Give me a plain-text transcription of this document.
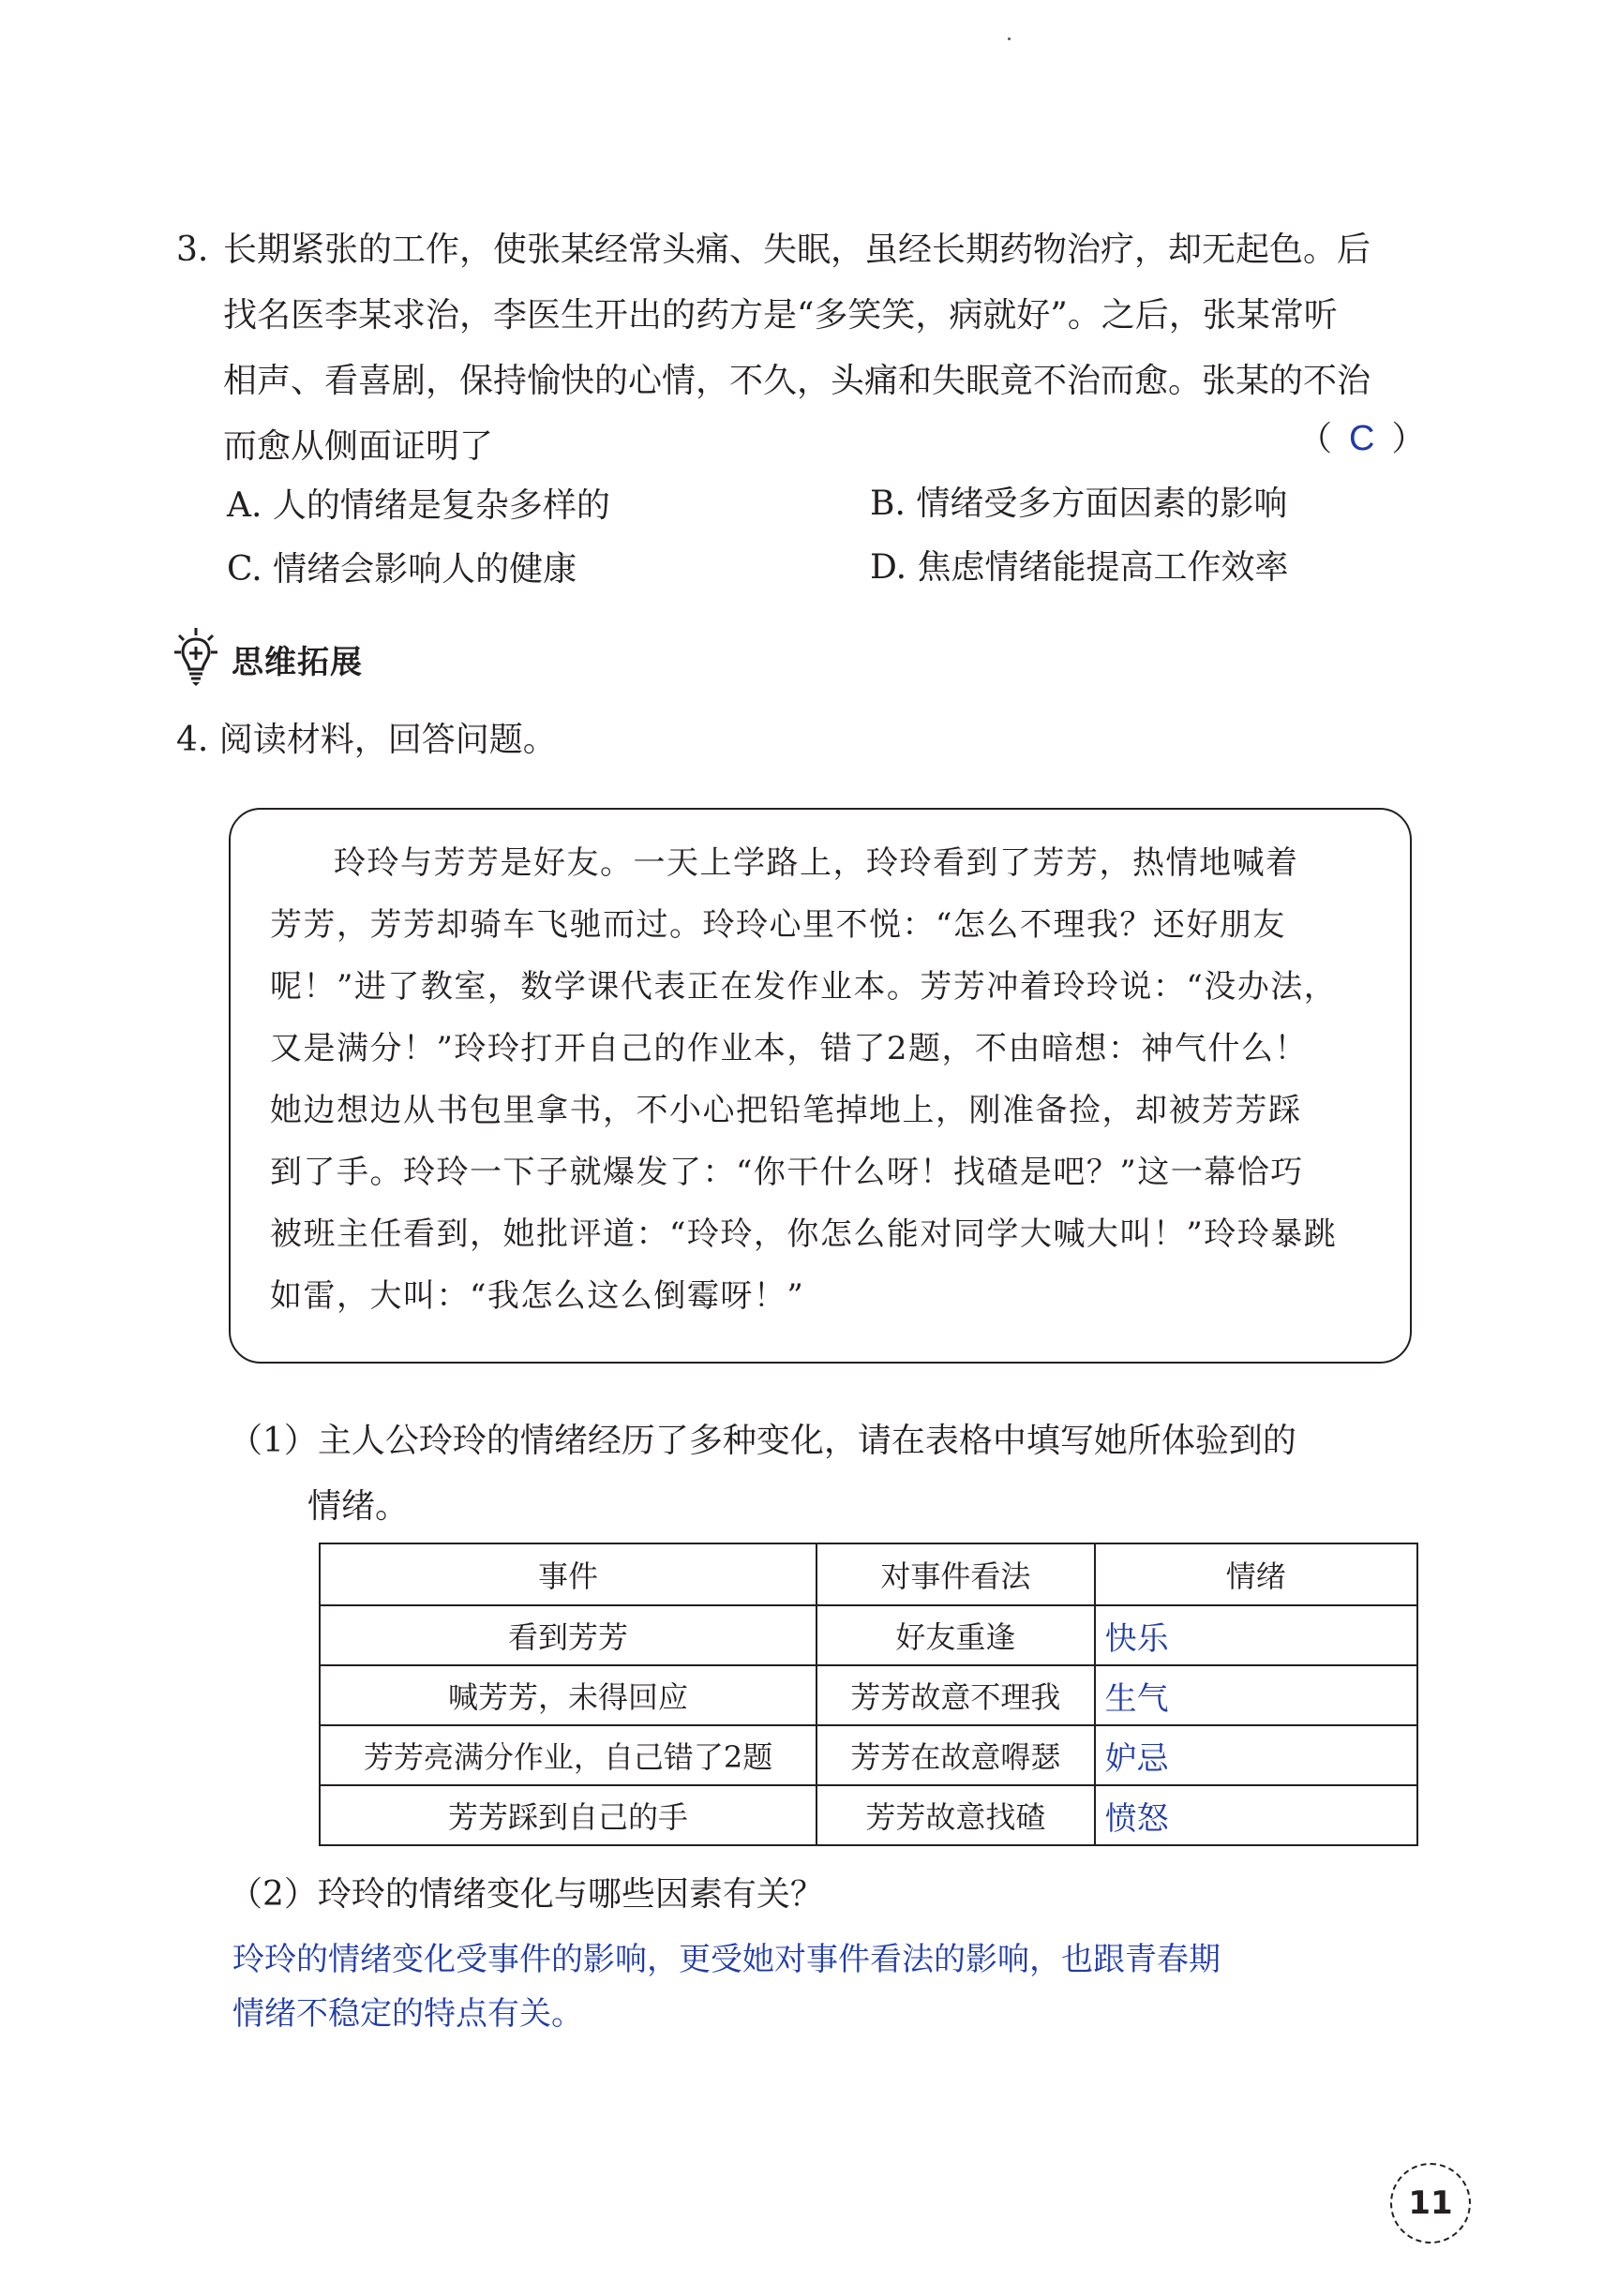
3. 长期紧张的工作，使张某经常头痛、失眠，虽经长期药物治疗，却无起色。后
找名医李某求治，李医生开出的药方是“多笑笑，病就好”。之后，张某常听
相声、看喜剧，保持愉快的心情，不久，头痛和失眠竟不治而愈。张某的不治
而愈从侧面证明了	（ C ）
A. 人的情绪是复杂多样的	B. 情绪受多方面因素的影响
C. 情绪会影响人的健康	D. 焦虑情绪能提高工作效率
思维拓展
4. 阅读材料，回答问题。
玲玲与芳芳是好友。一天上学路上，玲玲看到了芳芳，热情地喊着
芳芳，芳芳却骑车飞驰而过。玲玲心里不悦：“怎么不理我？还好朋友
呢！”进了教室，数学课代表正在发作业本。芳芳冲着玲玲说：“没办法，
又是满分！”玲玲打开自己的作业本，错了2题，不由暗想：神气什么！
她边想边从书包里拿书，不小心把铅笔掉地上，刚准备捡，却被芳芳踩
到了手。玲玲一下子就爆发了：“你干什么呀！找碴是吧？”这一幕恰巧
被班主任看到，她批评道：“玲玲，你怎么能对同学大喊大叫！”玲玲暴跳
如雷，大叫：“我怎么这么倒霉呀！”
（1）主人公玲玲的情绪经历了多种变化，请在表格中填写她所体验到的
情绪。
事件	对事件看法	情绪
看到芳芳	好友重逢	快乐
喊芳芳，未得回应	芳芳故意不理我	生气
芳芳亮满分作业，自己错了2题	芳芳在故意嘚瑟	妒忌
芳芳踩到自己的手	芳芳故意找碴	愤怒
（2）玲玲的情绪变化与哪些因素有关？
玲玲的情绪变化受事件的影响，更受她对事件看法的影响，也跟青春期
情绪不稳定的特点有关。
11
